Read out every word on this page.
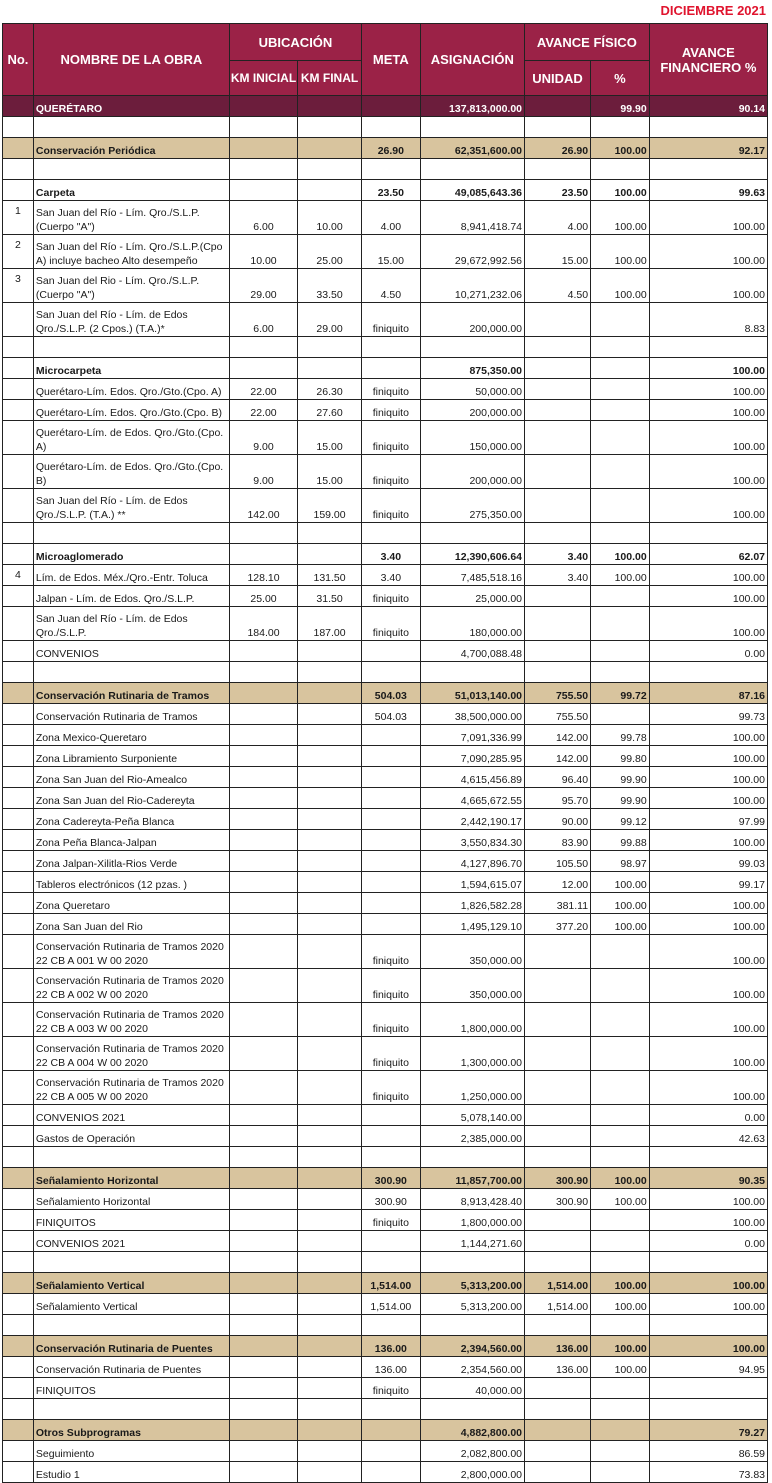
DICIEMBRE 2021
No.	NOMBRE DE LA OBRA	UBICACIÓN		META	ASIGNACIÓN	AVANCE FÍSICO		AVANCE FINANCIERO %
		KM INICIAL	KM FINAL			UNIDAD	%	
	QUERÉTARO				137,813,000.00		99.90	90.14

	Conservación Periódica			26.90	62,351,600.00	26.90	100.00	92.17

	Carpeta			23.50	49,085,643.36	23.50	100.00	99.63
1	San Juan del Río - Lím. Qro./S.L.P. (Cuerpo "A")	6.00	10.00	4.00	8,941,418.74	4.00	100.00	100.00
2	San Juan del Río - Lím. Qro./S.L.P.(Cpo A) incluye bacheo Alto desempeño	10.00	25.00	15.00	29,672,992.56	15.00	100.00	100.00
3	San Juan del Rio - Lím. Qro./S.L.P. (Cuerpo "A")	29.00	33.50	4.50	10,271,232.06	4.50	100.00	100.00
	San Juan del Río - Lím. de Edos Qro./S.L.P. (2 Cpos.) (T.A.)*	6.00	29.00	finiquito	200,000.00			8.83

	Microcarpeta				875,350.00			100.00
	Querétaro-Lím. Edos. Qro./Gto.(Cpo. A)	22.00	26.30	finiquito	50,000.00			100.00
	Querétaro-Lím. Edos. Qro./Gto.(Cpo. B)	22.00	27.60	finiquito	200,000.00			100.00
	Querétaro-Lím. de Edos. Qro./Gto.(Cpo. A)	9.00	15.00	finiquito	150,000.00			100.00
	Querétaro-Lím. de Edos. Qro./Gto.(Cpo. B)	9.00	15.00	finiquito	200,000.00			100.00
	San Juan del Río - Lím. de Edos Qro./S.L.P. (T.A.) **	142.00	159.00	finiquito	275,350.00			100.00

	Microaglomerado			3.40	12,390,606.64	3.40	100.00	62.07
4	Lím. de Edos. Méx./Qro.-Entr. Toluca	128.10	131.50	3.40	7,485,518.16	3.40	100.00	100.00
	Jalpan - Lím. de Edos. Qro./S.L.P.	25.00	31.50	finiquito	25,000.00			100.00
	San Juan del Río - Lím. de Edos Qro./S.L.P.	184.00	187.00	finiquito	180,000.00			100.00
	CONVENIOS				4,700,088.48			0.00

	Conservación Rutinaria de Tramos			504.03	51,013,140.00	755.50	99.72	87.16
	Conservación Rutinaria de Tramos			504.03	38,500,000.00	755.50		99.73
	Zona Mexico-Queretaro				7,091,336.99	142.00	99.78	100.00
	Zona Libramiento Surponiente				7,090,285.95	142.00	99.80	100.00
	Zona San Juan del Rio-Amealco				4,615,456.89	96.40	99.90	100.00
	Zona San Juan del Rio-Cadereyta				4,665,672.55	95.70	99.90	100.00
	Zona Cadereyta-Peña Blanca				2,442,190.17	90.00	99.12	97.99
	Zona Peña Blanca-Jalpan				3,550,834.30	83.90	99.88	100.00
	Zona Jalpan-Xilitla-Rios Verde				4,127,896.70	105.50	98.97	99.03
	Tableros electrónicos (12 pzas. )				1,594,615.07	12.00	100.00	99.17
	Zona Queretaro				1,826,582.28	381.11	100.00	100.00
	Zona San Juan del Rio				1,495,129.10	377.20	100.00	100.00
	Conservación Rutinaria de Tramos 2020 22 CB A 001 W 00 2020			finiquito	350,000.00			100.00
	Conservación Rutinaria de Tramos 2020 22 CB A 002 W 00 2020			finiquito	350,000.00			100.00
	Conservación Rutinaria de Tramos 2020 22 CB A 003 W 00 2020			finiquito	1,800,000.00			100.00
	Conservación Rutinaria de Tramos 2020 22 CB A 004 W 00 2020			finiquito	1,300,000.00			100.00
	Conservación Rutinaria de Tramos 2020 22 CB A 005 W 00 2020			finiquito	1,250,000.00			100.00
	CONVENIOS 2021				5,078,140.00			0.00
	Gastos de Operación				2,385,000.00			42.63

	Señalamiento Horizontal			300.90	11,857,700.00	300.90	100.00	90.35
	Señalamiento Horizontal			300.90	8,913,428.40	300.90	100.00	100.00
	FINIQUITOS			finiquito	1,800,000.00			100.00
	CONVENIOS 2021				1,144,271.60			0.00

	Señalamiento Vertical			1,514.00	5,313,200.00	1,514.00	100.00	100.00
	Señalamiento Vertical			1,514.00	5,313,200.00	1,514.00	100.00	100.00

	Conservación Rutinaria de Puentes			136.00	2,394,560.00	136.00	100.00	100.00
	Conservación Rutinaria de Puentes			136.00	2,354,560.00	136.00	100.00	94.95
	FINIQUITOS			finiquito	40,000.00			

	Otros Subprogramas				4,882,800.00			79.27
	Seguimiento				2,082,800.00			86.59
	Estudio 1				2,800,000.00			73.83
